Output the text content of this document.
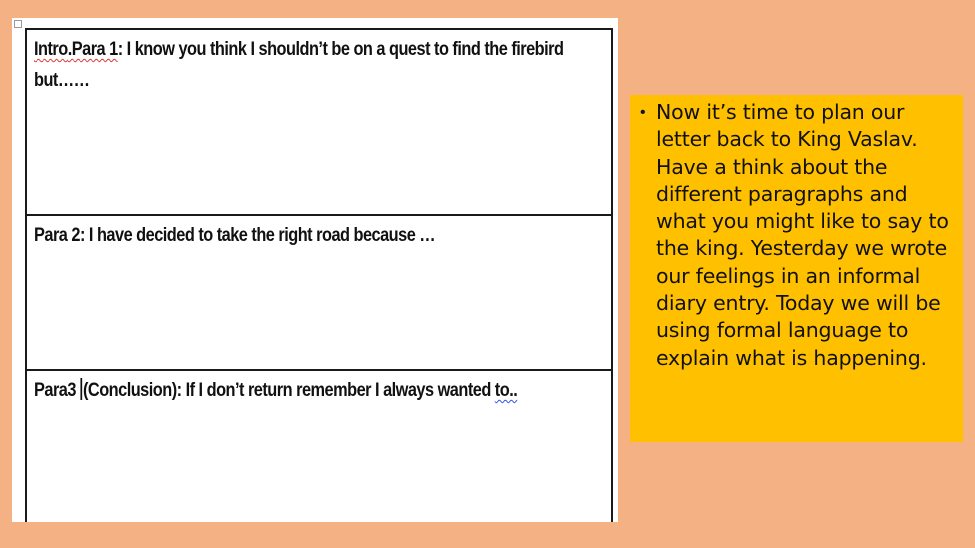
Intro.Para 1: I know you think I shouldn’t be on a quest to find the firebird but……
Para 2: I have decided to take the right road because …
Para3 (Conclusion): If I don’t return remember I always wanted to..
• Now it’s time to plan our letter back to King Vaslav. Have a think about the different paragraphs and what you might like to say to the king. Yesterday we wrote our feelings in an informal diary entry. Today we will be using formal language to explain what is happening.
